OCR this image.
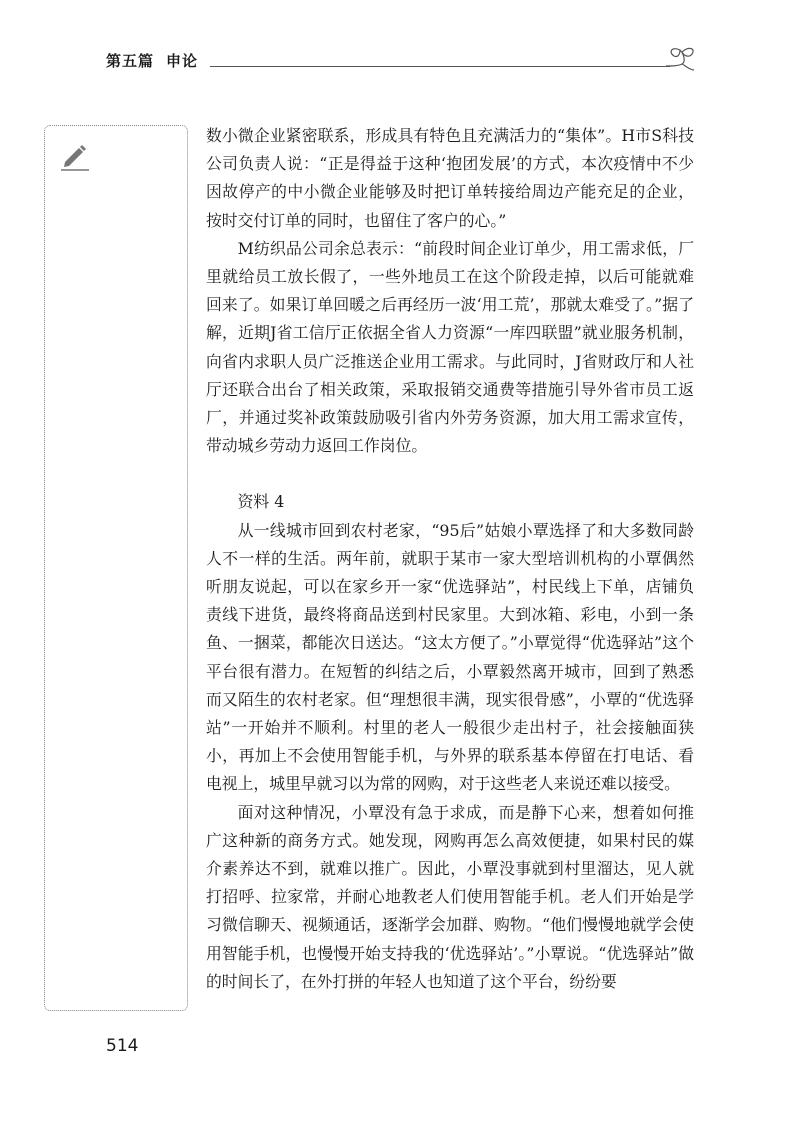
第五篇 申论

数小微企业紧密联系，形成具有特色且充满活力的“集体”。H市S科技公司负责人说：“正是得益于这种‘抱团发展’的方式，本次疫情中不少因故停产的中小微企业能够及时把订单转接给周边产能充足的企业，按时交付订单的同时，也留住了客户的心。”

M纺织品公司余总表示：“前段时间企业订单少，用工需求低，厂里就给员工放长假了，一些外地员工在这个阶段走掉，以后可能就难回来了。如果订单回暖之后再经历一波‘用工荒’，那就太难受了。”据了解，近期J省工信厅正依据全省人力资源“一库四联盟”就业服务机制，向省内求职人员广泛推送企业用工需求。与此同时，J省财政厅和人社厅还联合出台了相关政策，采取报销交通费等措施引导外省市员工返厂，并通过奖补政策鼓励吸引省内外劳务资源，加大用工需求宣传，带动城乡劳动力返回工作岗位。

资料 4

从一线城市回到农村老家，“95后”姑娘小覃选择了和大多数同龄人不一样的生活。两年前，就职于某市一家大型培训机构的小覃偶然听朋友说起，可以在家乡开一家“优选驿站”，村民线上下单，店铺负责线下进货，最终将商品送到村民家里。大到冰箱、彩电，小到一条鱼、一捆菜，都能次日送达。“这太方便了。”小覃觉得“优选驿站”这个平台很有潜力。在短暂的纠结之后，小覃毅然离开城市，回到了熟悉而又陌生的农村老家。但“理想很丰满，现实很骨感”，小覃的“优选驿站”一开始并不顺利。村里的老人一般很少走出村子，社会接触面狭小，再加上不会使用智能手机，与外界的联系基本停留在打电话、看电视上，城里早就习以为常的网购，对于这些老人来说还难以接受。

面对这种情况，小覃没有急于求成，而是静下心来，想着如何推广这种新的商务方式。她发现，网购再怎么高效便捷，如果村民的媒介素养达不到，就难以推广。因此，小覃没事就到村里溜达，见人就打招呼、拉家常，并耐心地教老人们使用智能手机。老人们开始是学习微信聊天、视频通话，逐渐学会加群、购物。“他们慢慢地就学会使用智能手机，也慢慢开始支持我的‘优选驿站’。”小覃说。“优选驿站”做的时间长了，在外打拼的年轻人也知道了这个平台，纷纷要

514
